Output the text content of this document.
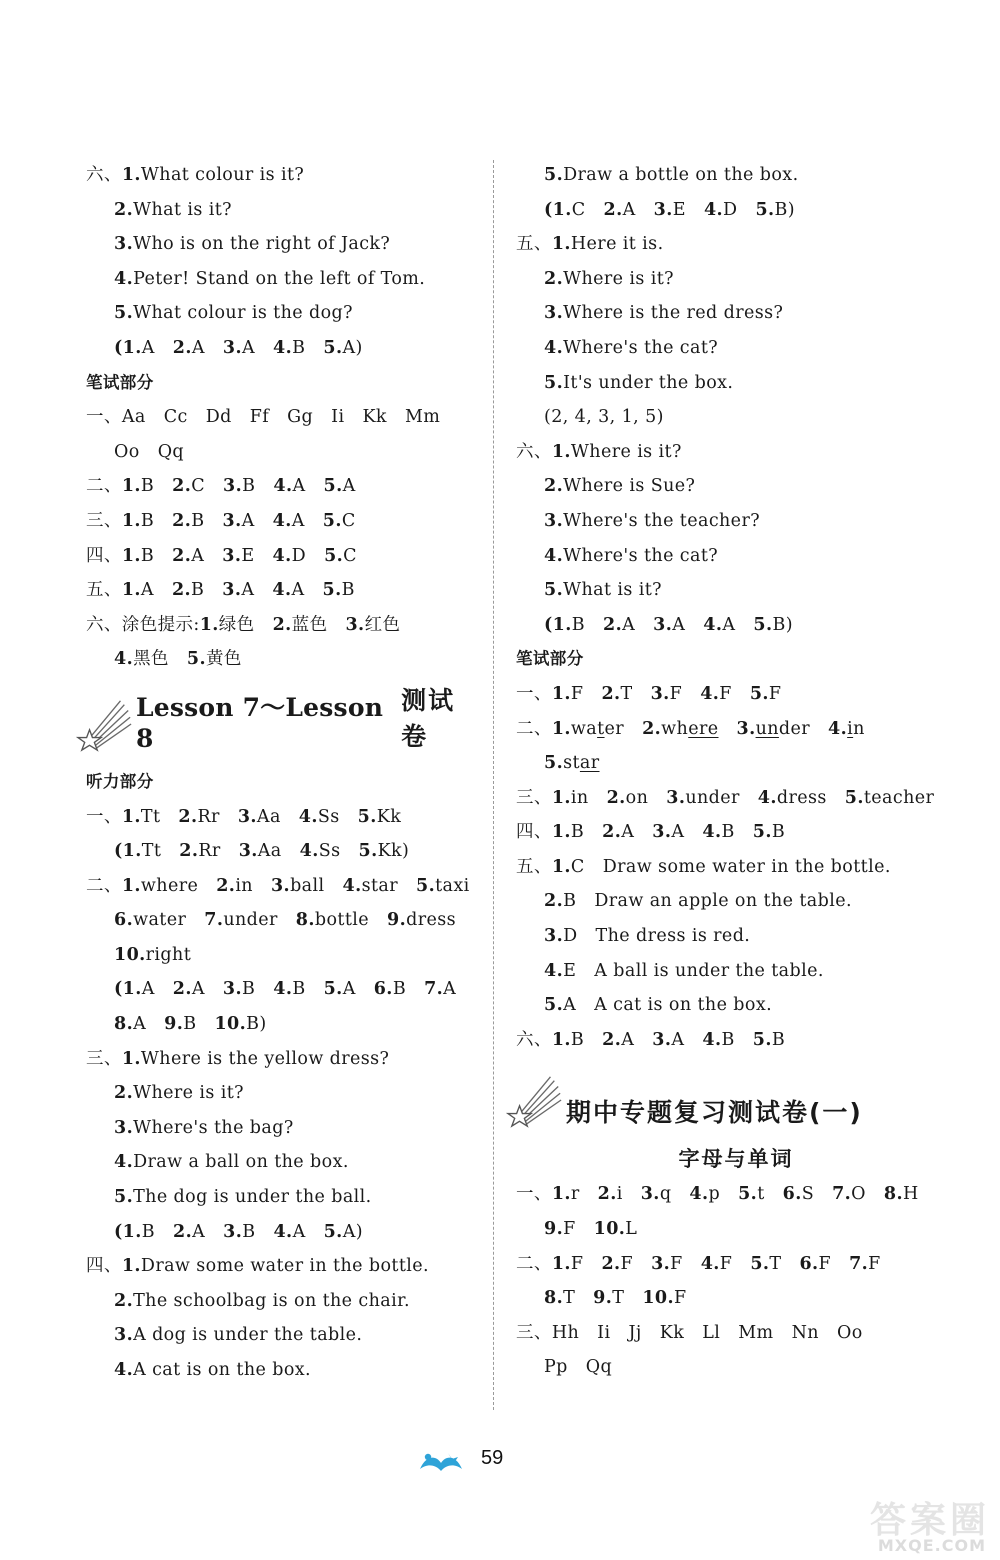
六、1.What colour is it?
2.What is it?
3.Who is on the right of Jack?
4.Peter! Stand on the left of Tom.
5.What colour is the dog?
(1.A 2.A 3.A 4.B 5.A)
笔试部分
一、Aa Cc Dd Ff Gg Ii Kk Mm
Oo Qq
二、1.B 2.C 3.B 4.A 5.A
三、1.B 2.B 3.A 4.A 5.C
四、1.B 2.A 3.E 4.D 5.C
五、1.A 2.B 3.A 4.A 5.B
六、涂色提示:1.绿色 2.蓝色 3.红色
4.黑色 5.黄色
Lesson 7～Lesson 8
测试卷
听力部分
一、1.Tt 2.Rr 3.Aa 4.Ss 5.Kk
(1.Tt 2.Rr 3.Aa 4.Ss 5.Kk)
二、1.where 2.in 3.ball 4.star 5.taxi
6.water 7.under 8.bottle 9.dress
10.right
(1.A 2.A 3.B 4.B 5.A 6.B 7.A
8.A 9.B 10.B)
三、1.Where is the yellow dress?
2.Where is it?
3.Where's the bag?
4.Draw a ball on the box.
5.The dog is under the ball.
(1.B 2.A 3.B 4.A 5.A)
四、1.Draw some water in the bottle.
2.The schoolbag is on the chair.
3.A dog is under the table.
4.A cat is on the box.
5.Draw a bottle on the box.
(1.C 2.A 3.E 4.D 5.B)
五、1.Here it is.
2.Where is it?
3.Where is the red dress?
4.Where's the cat?
5.It's under the box.
(2, 4, 3, 1, 5)
六、1.Where is it?
2.Where is Sue?
3.Where's the teacher?
4.Where's the cat?
5.What is it?
(1.B 2.A 3.A 4.A 5.B)
笔试部分
一、1.F 2.T 3.F 4.F 5.F
二、1.water 2.where 3.under 4.in
5.star
三、1.in 2.on 3.under 4.dress 5.teacher
四、1.B 2.A 3.A 4.B 5.B
五、1.C Draw some water in the bottle.
2.B Draw an apple on the table.
3.D The dress is red.
4.E A ball is under the table.
5.A A cat is on the box.
六、1.B 2.A 3.A 4.B 5.B
期中专题复习测试卷(一)
字母与单词
一、1.r 2.i 3.q 4.p 5.t 6.S 7.O 8.H
9.F 10.L
二、1.F 2.F 3.F 4.F 5.T 6.F 7.F
8.T 9.T 10.F
三、Hh Ii Jj Kk Ll Mm Nn Oo
Pp Qq
59
答案圈
MXQE.COM
